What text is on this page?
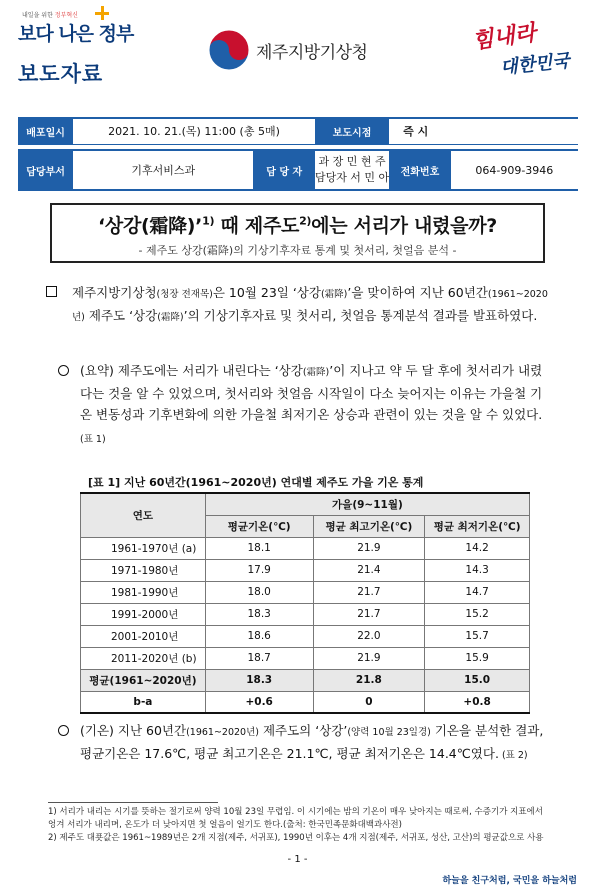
내일을 위한 정부혁신
보다 나은 정부
보도자료
제주지방기상청	힘내라
대한민국
배포일시	2021. 10. 21.(목) 11:00 (총 5매)		보도시점	즉 시	

담당부서	기후서비스과	담 당 자	과 장 민 현 주
담당자 서 민 아	전화번호	064-909-3946
‘상강(霜降)’$^{1)}$ 때 제주도$^{2)}$에는 서리가 내렸을까?
- 제주도 상강(霜降)의 기상기후자료 통계 및 첫서리, 첫얼음 분석 -
제주지방기상청(청장 전재목)은 10월 23일 ‘상강(霜降)’을 맞이하여 지난 60년간(1961~2020년) 제주도 ‘상강(霜降)’의 기상기후자료 및 첫서리, 첫얼음 통계분석 결과를 발표하였다.
(요약) 제주도에는 서리가 내린다는 ‘상강(霜降)’이 지나고 약 두 달 후에 첫서리가 내렸다는 것을 알 수 있었으며, 첫서리와 첫얼음 시작일이 다소 늦어지는 이유는 가을철 기온 변동성과 기후변화에 의한 가을철 최저기온 상승과 관련이 있는 것을 알 수 있었다. (표 1)
[표 1] 지난 60년간(1961~2020년) 연대별 제주도 가을 기온 통계
연도	가을(9~11월)		
	평균기온(℃)	평균 최고기온(℃)	평균 최저기온(℃)
1961-1970년 (a)	18.1	21.9	14.2
1971-1980년	17.9	21.4	14.3
1981-1990년	18.0	21.7	14.7
1991-2000년	18.3	21.7	15.2
2001-2010년	18.6	22.0	15.7
2011-2020년 (b)	18.7	21.9	15.9
평균(1961~2020년)	18.3	21.8	15.0
b-a	+0.6	0	+0.8
(기온) 지난 60년간(1961~2020년) 제주도의 ‘상강’(양력 10월 23일경) 기온을 분석한 결과, 평균기온은 17.6℃, 평균 최고기온은 21.1℃, 평균 최저기온은 14.4℃였다. (표 2)
1) 서리가 내리는 시기를 뜻하는 절기로써 양력 10월 23일 무렵임. 이 시기에는 밤의 기온이 매우 낮아지는 때로써, 수증기가 지표에서 엉겨 서리가 내리며, 온도가 더 낮아지면 첫 얼음이 얼기도 한다.(출처: 한국민족문화대백과사전)
2) 제주도 대푯값은 1961~1989년은 2개 지점(제주, 서귀포), 1990년 이후는 4개 지점(제주, 서귀포, 성산, 고산)의 평균값으로 사용
- 1 -
하늘을 친구처럼, 국민을 하늘처럼
